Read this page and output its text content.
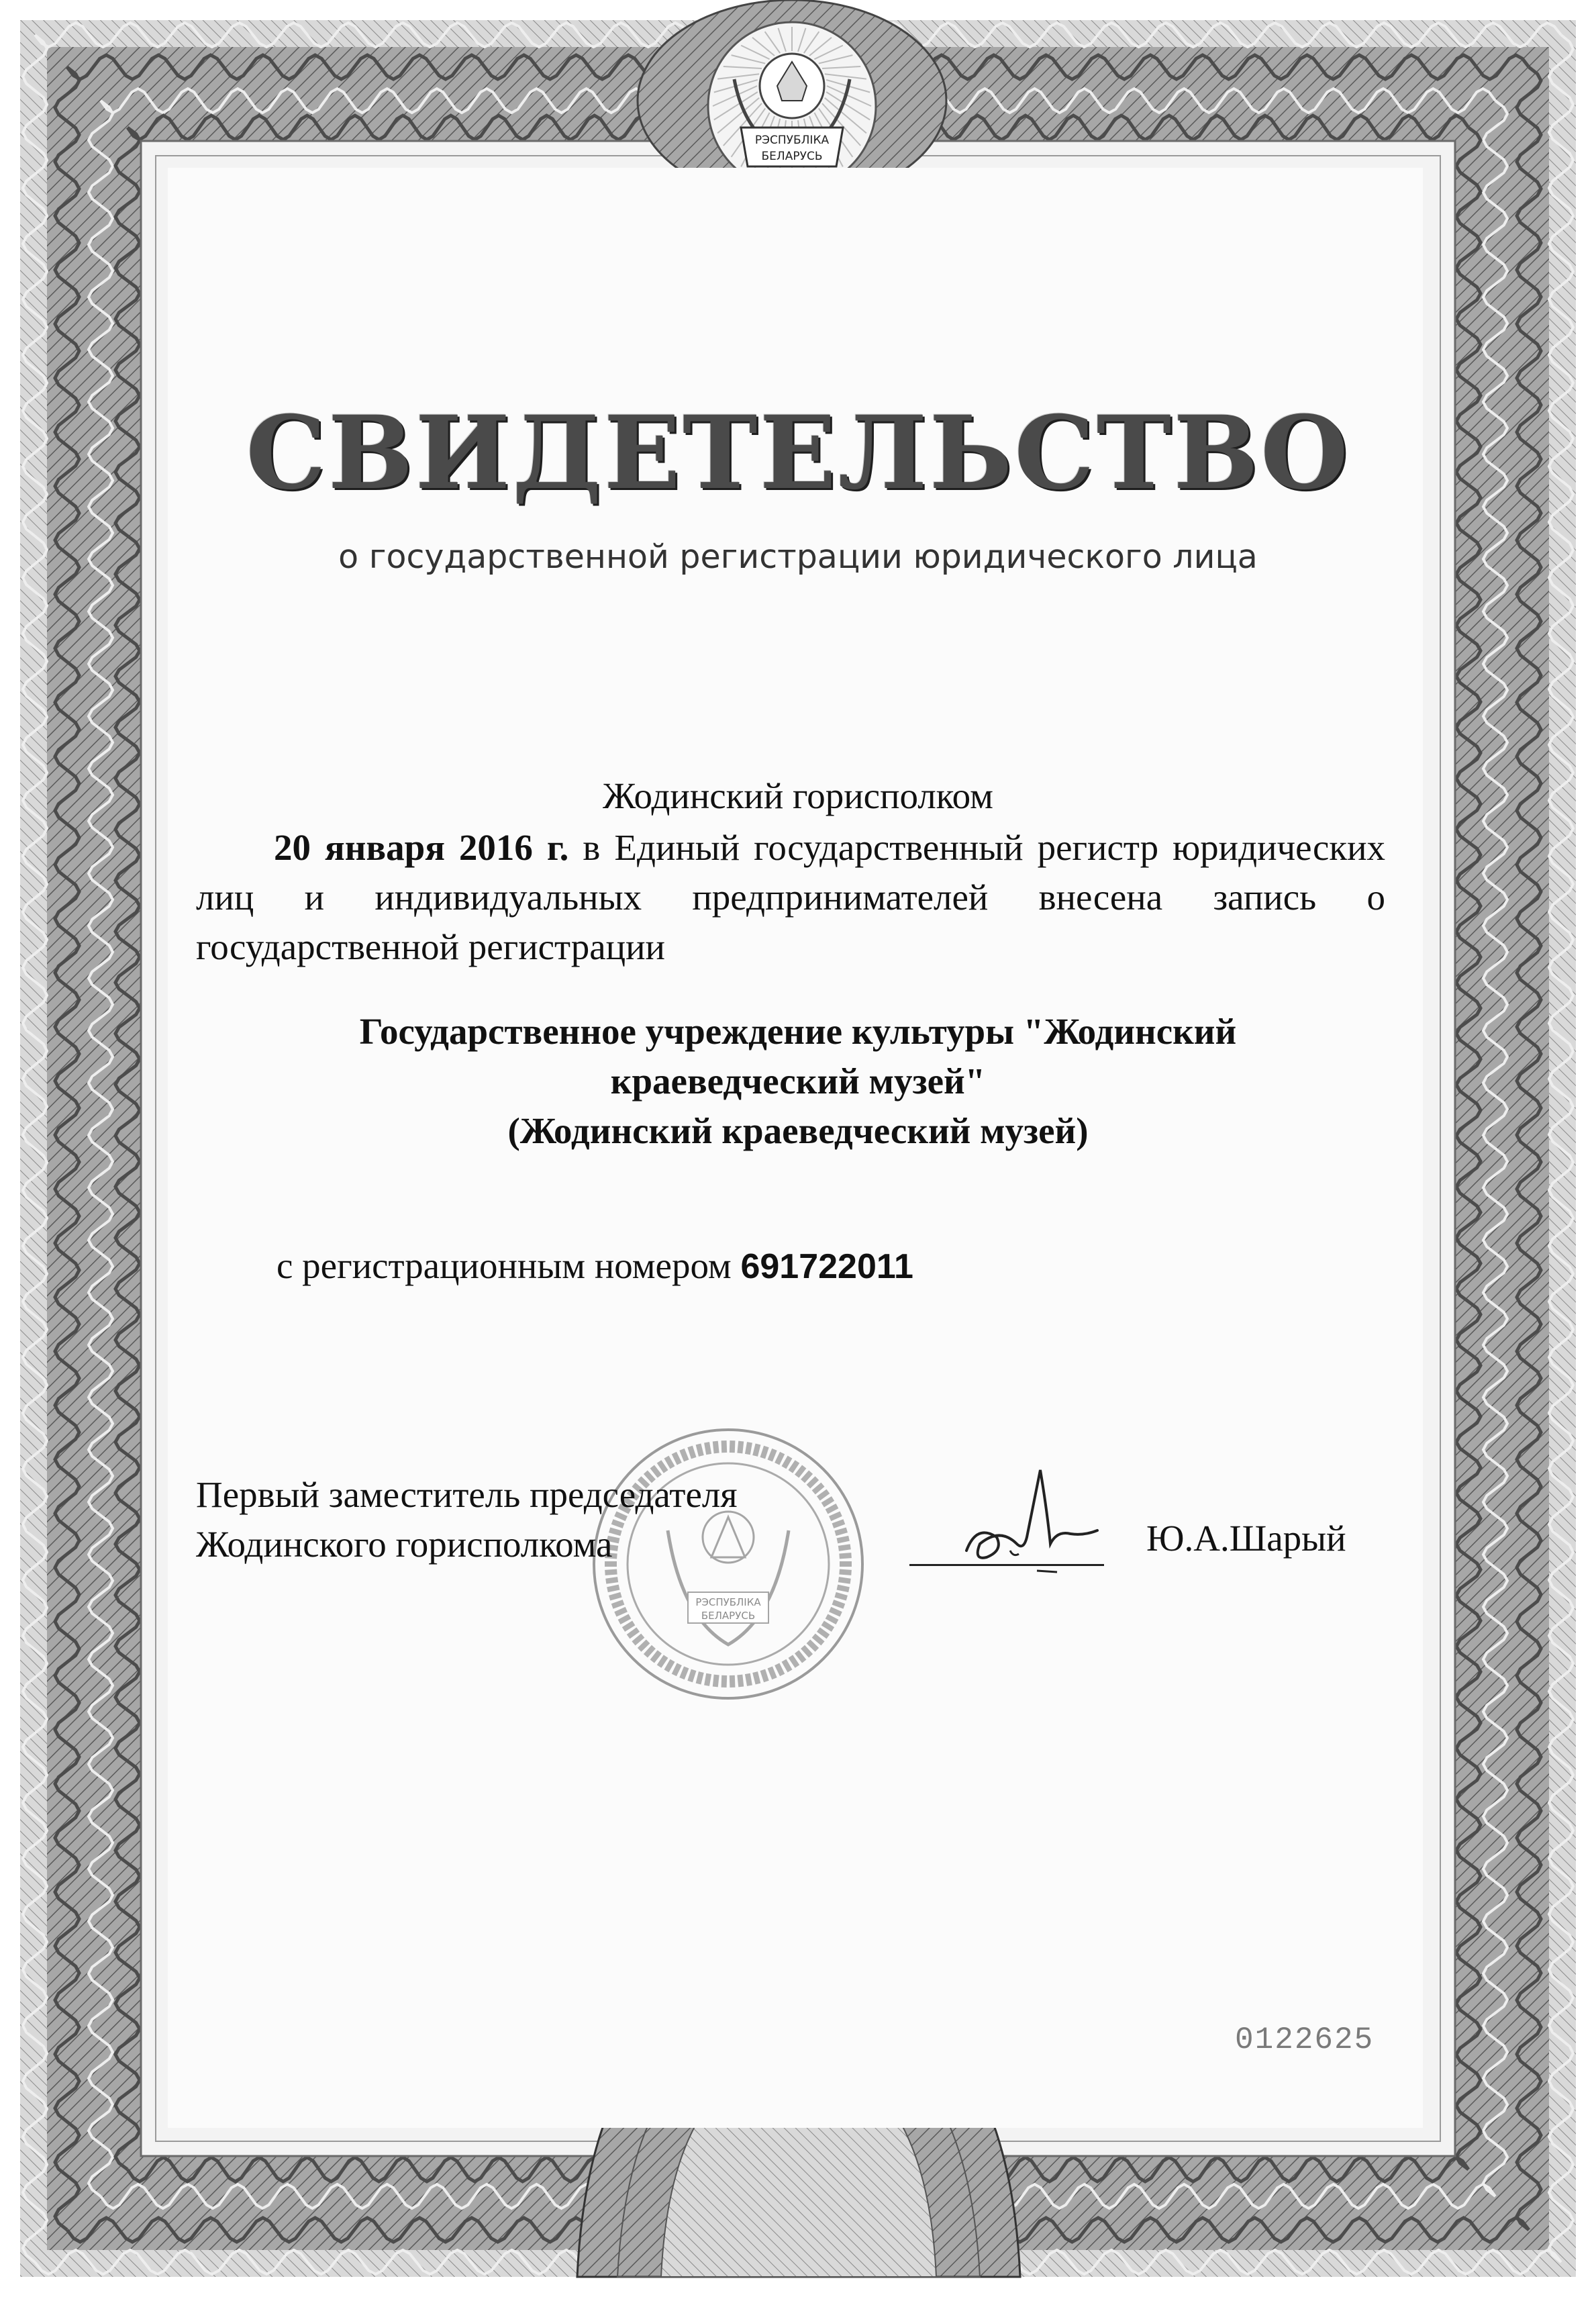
РЭСПУБЛІКА
БЕЛАРУСЬ
РЭСПУБЛІКА
БЕЛАРУСЬ
СВИДЕТЕЛЬСТВО
о государственной регистрации юридического лица
Жодинский горисполком
20 января 2016 г. в Единый государственный регистр юридических лиц и индивидуальных предпринимателей внесена запись о государственной регистрации
Государственное учреждение культуры "Жодинский
краеведческий музей"
(Жодинский краеведческий музей)
с регистрационным номером 691722011
Первый заместитель председателя
Жодинского горисполкома	Ю.А.Шарый
0122625
